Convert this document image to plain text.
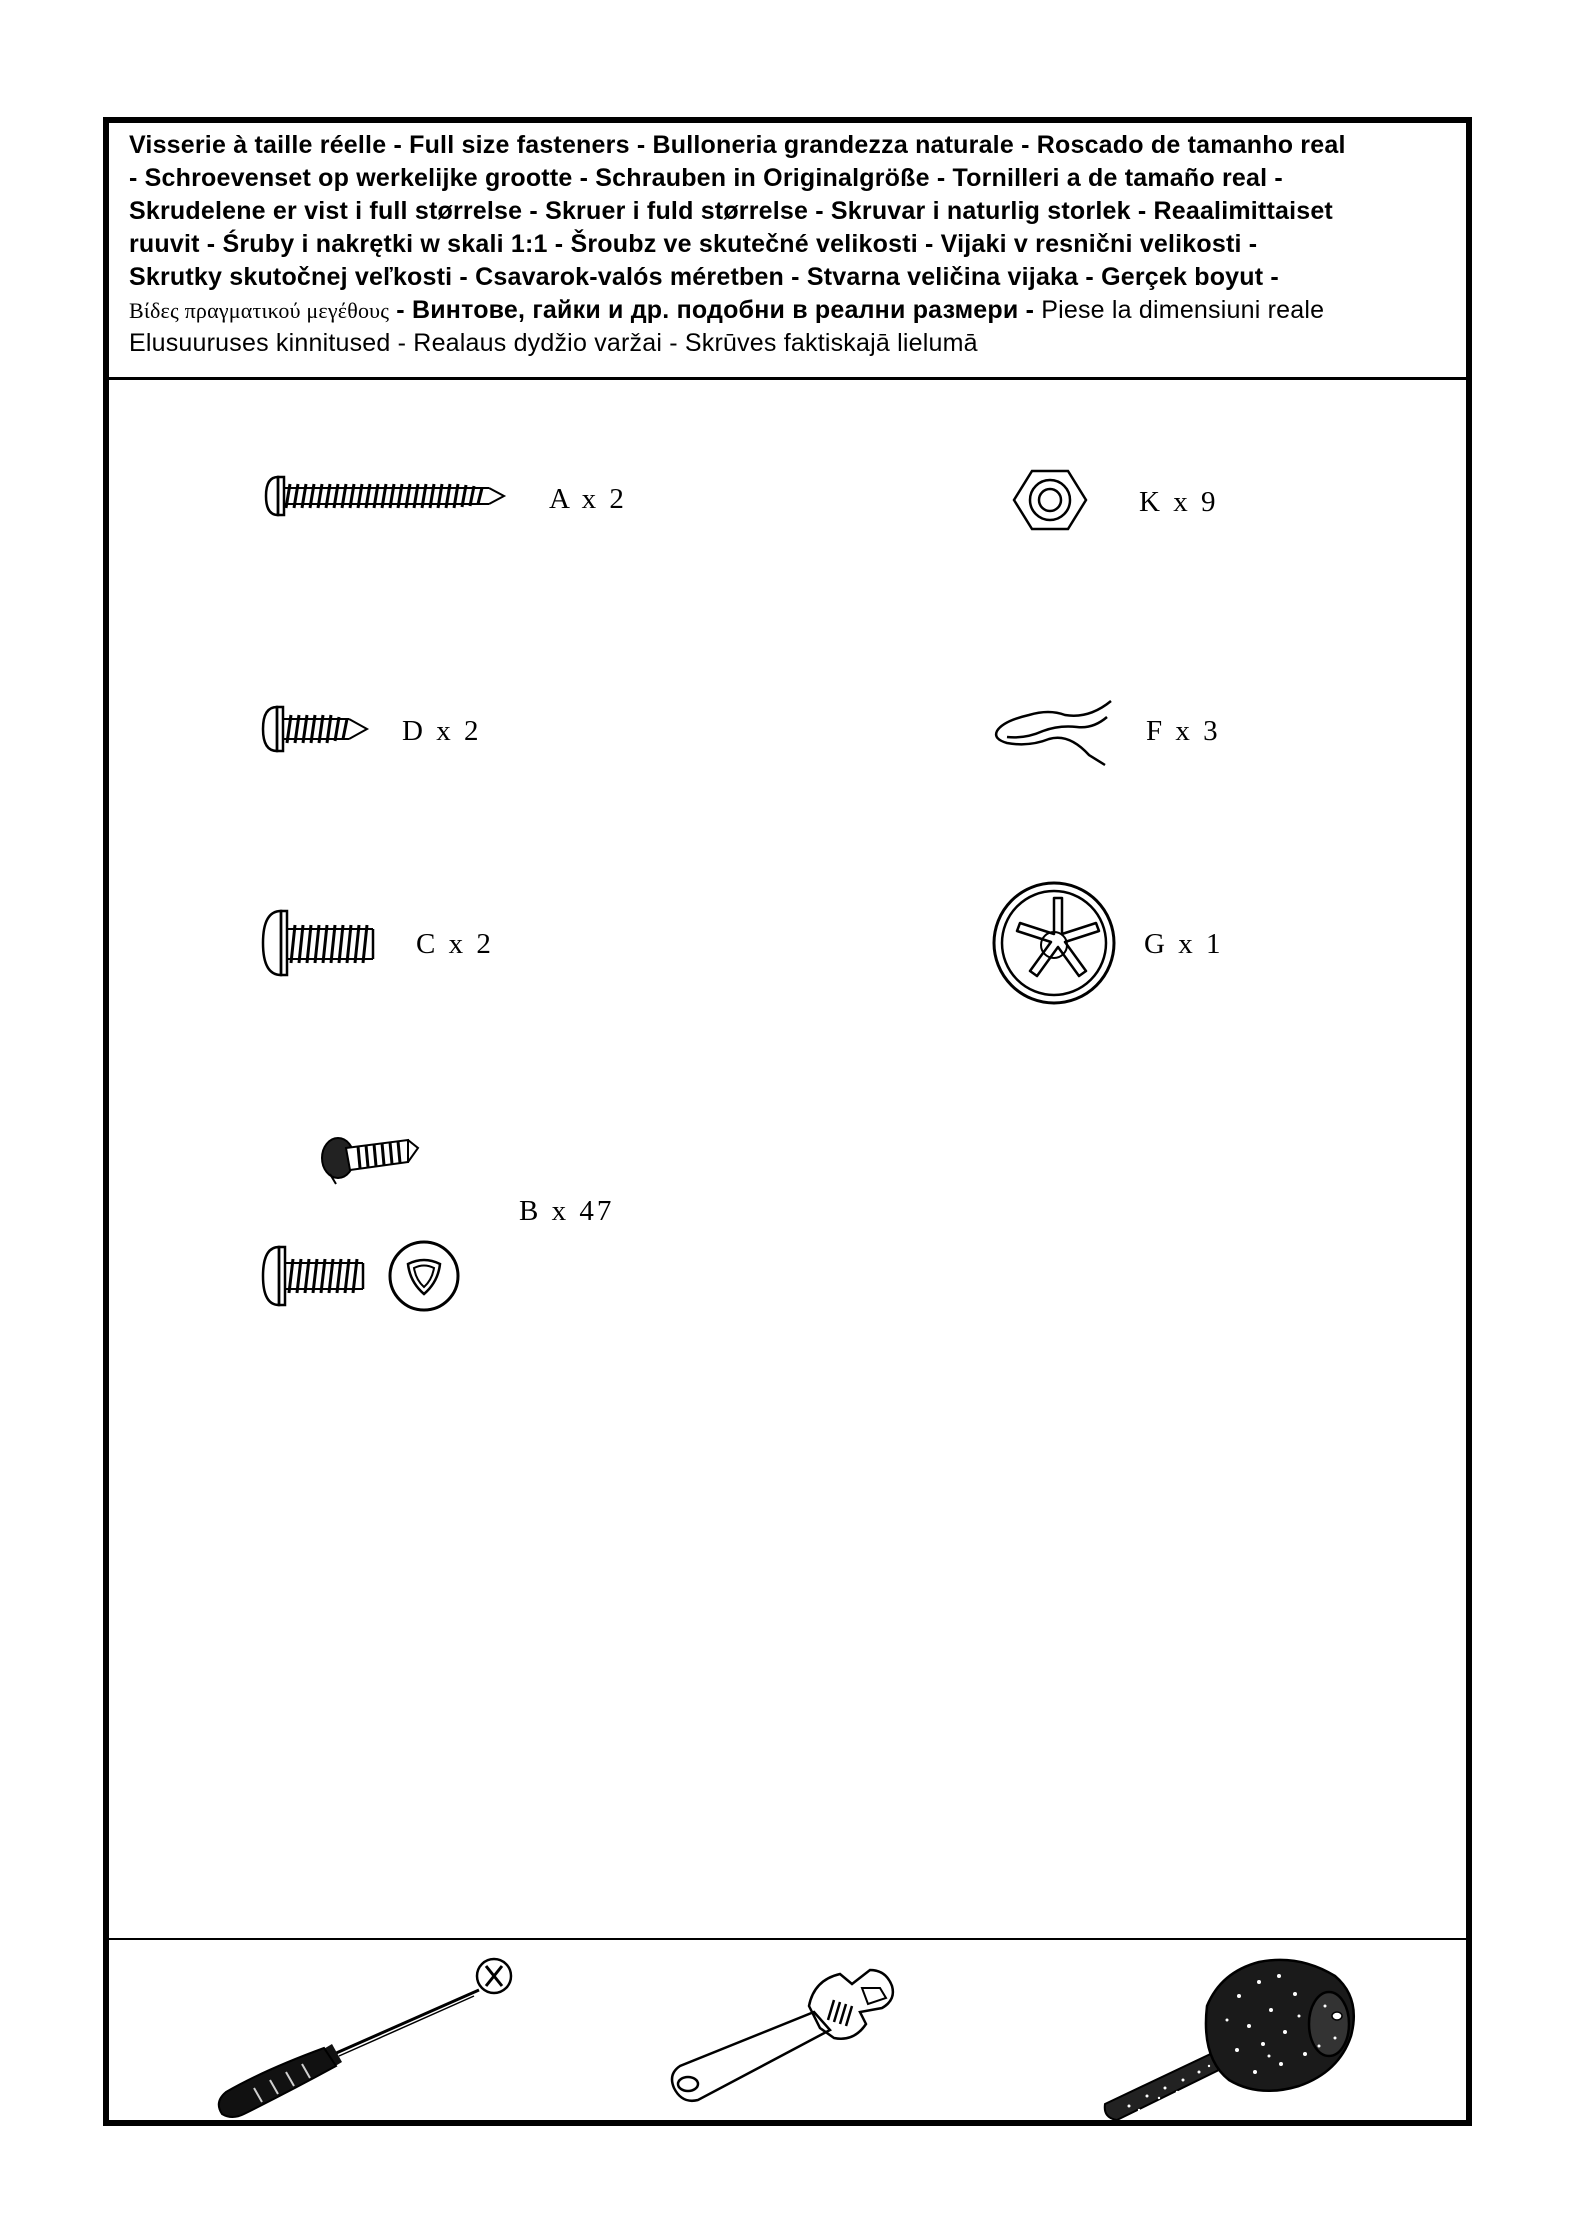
Visserie à taille réelle - Full size fasteners - Bulloneria grandezza naturale - Roscado de tamanho real
- Schroevenset op werkelijke grootte - Schrauben in Originalgröße - Tornilleri a de tamaño real -
Skrudelene er vist i full størrelse - Skruer i fuld størrelse - Skruvar i naturlig storlek - Reaalimittaiset
ruuvit - Śruby i nakrętki w skali 1:1 - Šroubz ve skutečné velikosti - Vijaki v resnični velikosti -
Skrutky skutočnej veľkosti - Csavarok-valós méretben - Stvarna veličina vijaka - Gerçek boyut -
Βίδες πραγματικού μεγέθους - Винтове, гайки и др. подобни в реални размери - Piese la dimensiuni reale
Elusuuruses kinnitused - Realaus dydžio varžai - Skrūves faktiskajā lielumā
A x 2	K x 9
D x 2	F x 3
C x 2	G x 1
B x 47
